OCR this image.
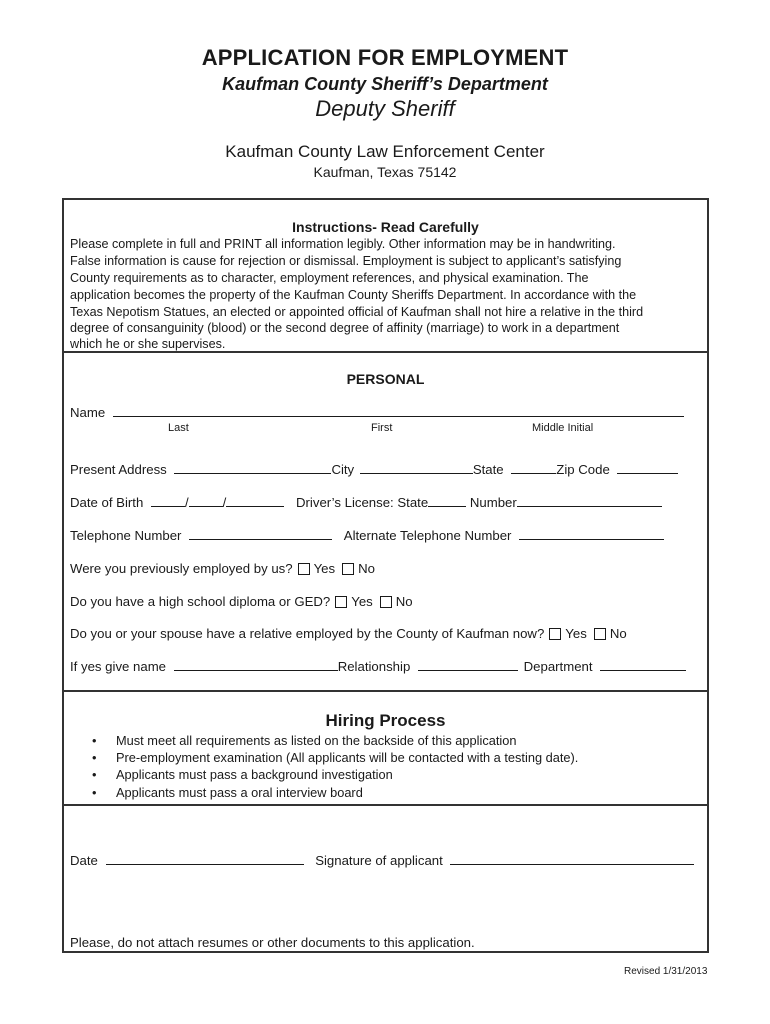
APPLICATION FOR EMPLOYMENT
Kaufman County Sheriff’s Department
Deputy Sheriff
Kaufman County Law Enforcement Center
Kaufman, Texas 75142
Instructions- Read Carefully
Please complete in full and PRINT all information legibly. Other information may be in handwriting.
False information is cause for rejection or dismissal. Employment is subject to applicant’s satisfying
County requirements as to character, employment references, and physical examination. The
application becomes the property of the Kaufman County Sheriffs Department. In accordance with the
Texas Nepotism Statues, an elected or appointed official of Kaufman shall not hire a relative in the third
degree of consanguinity (blood) or the second degree of affinity (marriage) to work in a department
which he or she supervises.
PERSONAL
Name
Last	First	Middle Initial
Present Address	City	State	Zip Code
Date of Birth	/	/	Driver’s License: State	Number
Telephone Number	Alternate Telephone Number
Were you previously employed by us? Yes No
Do you have a high school diploma or GED? Yes No
Do you or your spouse have a relative employed by the County of Kaufman now? Yes No
If yes give name	Relationship	Department
Hiring Process
• Must meet all requirements as listed on the backside of this application
• Pre-employment examination (All applicants will be contacted with a testing date).
• Applicants must pass a background investigation
• Applicants must pass a oral interview board
Date	Signature of applicant
Please, do not attach resumes or other documents to this application.
Revised 1/31/2013
